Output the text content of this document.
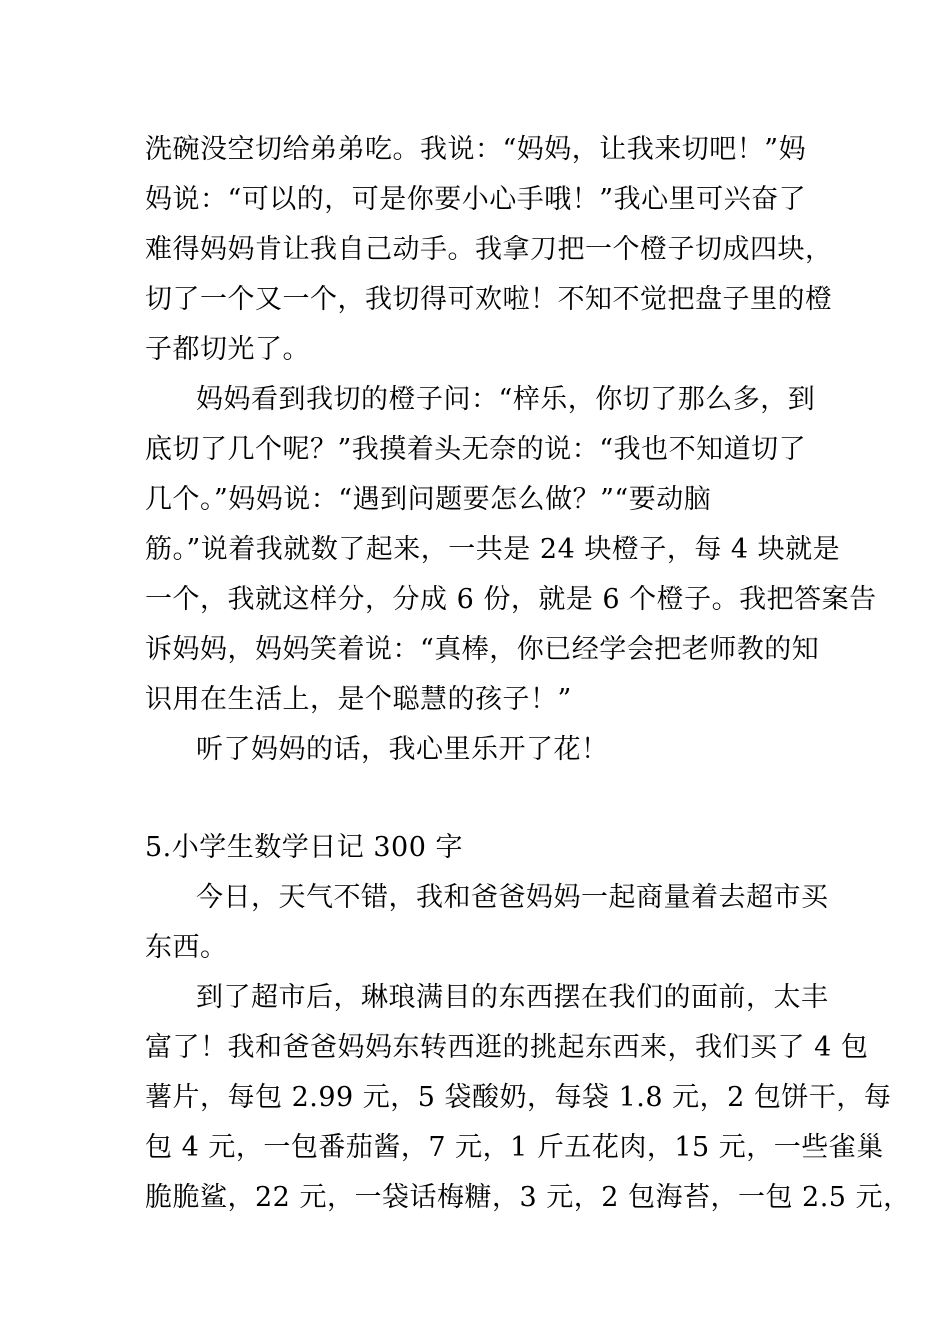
洗碗没空切给弟弟吃。我说：“妈妈，让我来切吧！”妈
妈说：“可以的，可是你要小心手哦！”我心里可兴奋了
难得妈妈肯让我自己动手。我拿刀把一个橙子切成四块，
切了一个又一个，我切得可欢啦！不知不觉把盘子里的橙
子都切光了。
妈妈看到我切的橙子问：“梓乐，你切了那么多，到
底切了几个呢？”我摸着头无奈的说：“我也不知道切了
几个。”妈妈说：“遇到问题要怎么做？”“要动脑
筋。”说着我就数了起来，一共是 24 块橙子，每 4 块就是
一个，我就这样分，分成 6 份，就是 6 个橙子。我把答案告
诉妈妈，妈妈笑着说：“真棒，你已经学会把老师教的知
识用在生活上，是个聪慧的孩子！”
听了妈妈的话，我心里乐开了花！
5.小学生数学日记 300 字
今日，天气不错，我和爸爸妈妈一起商量着去超市买
东西。
到了超市后，琳琅满目的东西摆在我们的面前，太丰
富了！我和爸爸妈妈东转西逛的挑起东西来，我们买了 4 包
薯片，每包 2.99 元，5 袋酸奶，每袋 1.8 元，2 包饼干，每
包 4 元，一包番茄酱，7 元，1 斤五花肉，15 元，一些雀巢
脆脆鲨，22 元，一袋话梅糖，3 元，2 包海苔，一包 2.5 元，
